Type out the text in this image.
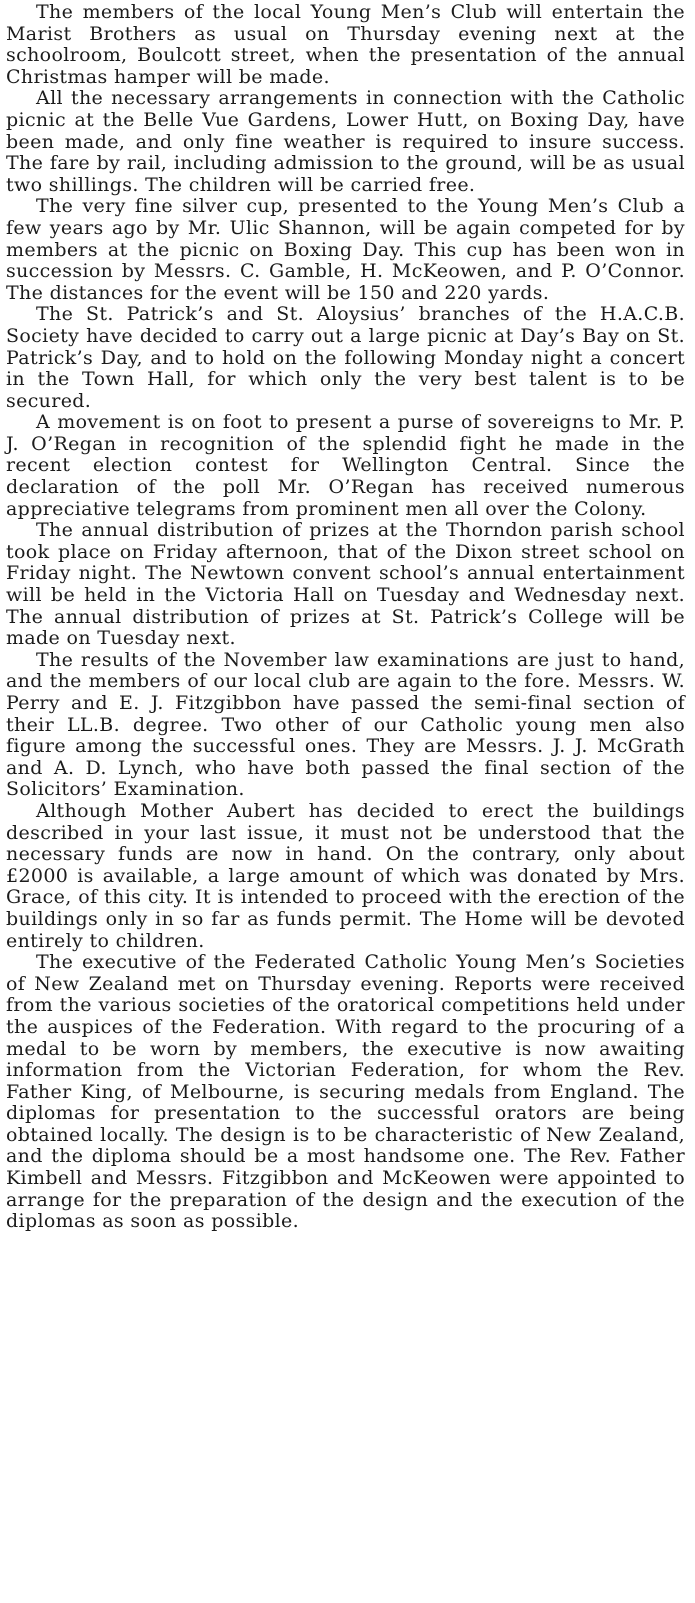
The members of the local Young Men’s Club will entertain the Marist Brothers as usual on Thursday evening next at the schoolroom, Boulcott street, when the presentation of the annual Christmas hamper will be made.

All the necessary arrangements in connection with the Catholic picnic at the Belle Vue Gardens, Lower Hutt, on Boxing Day, have been made, and only fine weather is required to insure success. The fare by rail, including admission to the ground, will be as usual two shillings. The children will be carried free.

The very fine silver cup, presented to the Young Men’s Club a few years ago by Mr. Ulic Shannon, will be again competed for by members at the picnic on Boxing Day. This cup has been won in succession by Messrs. C. Gamble, H. McKeowen, and P. O’Connor. The distances for the event will be 150 and 220 yards.

The St. Patrick’s and St. Aloysius’ branches of the H.A.C.B. Society have decided to carry out a large picnic at Day’s Bay on St. Patrick’s Day, and to hold on the following Monday night a concert in the Town Hall, for which only the very best talent is to be secured.

A movement is on foot to present a purse of sovereigns to Mr. P. J. O’Regan in recognition of the splendid fight he made in the recent election contest for Wellington Central. Since the declaration of the poll Mr. O’Regan has received numerous appreciative telegrams from prominent men all over the Colony.

The annual distribution of prizes at the Thorndon parish school took place on Friday afternoon, that of the Dixon street school on Friday night. The Newtown convent school’s annual entertainment will be held in the Victoria Hall on Tuesday and Wednesday next. The annual distribution of prizes at St. Patrick’s College will be made on Tuesday next.

The results of the November law examinations are just to hand, and the members of our local club are again to the fore. Messrs. W. Perry and E. J. Fitzgibbon have passed the semi-final section of their LL.B. degree. Two other of our Catholic young men also figure among the successful ones. They are Messrs. J. J. McGrath and A. D. Lynch, who have both passed the final section of the Solicitors’ Examination.

Although Mother Aubert has decided to erect the buildings described in your last issue, it must not be understood that the necessary funds are now in hand. On the contrary, only about £2000 is available, a large amount of which was donated by Mrs. Grace, of this city. It is intended to proceed with the erection of the buildings only in so far as funds permit. The Home will be devoted entirely to children.

The executive of the Federated Catholic Young Men’s Societies of New Zealand met on Thursday evening. Reports were received from the various societies of the oratorical competitions held under the auspices of the Federation. With regard to the procuring of a medal to be worn by members, the executive is now awaiting information from the Victorian Federation, for whom the Rev. Father King, of Melbourne, is securing medals from England. The diplomas for presentation to the successful orators are being obtained locally. The design is to be characteristic of New Zealand, and the diploma should be a most handsome one. The Rev. Father Kimbell and Messrs. Fitzgibbon and McKeowen were appointed to arrange for the preparation of the design and the execution of the diplomas as soon as possible.
